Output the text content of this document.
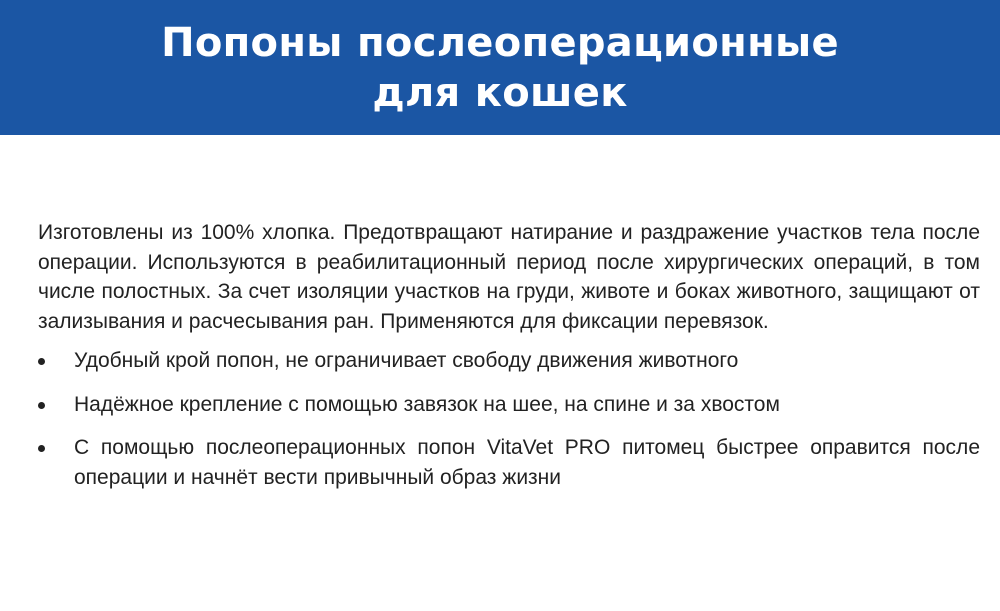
Попоны послеоперационные
для кошек

Изготовлены из 100% хлопка. Предотвращают натирание и раздражение участков тела после операции. Используются в реабилитационный период после хирургических операций, в том числе полостных. За счет изоляции участков на груди, животе и боках животного, защищают от зализывания и расчесывания ран. Применяются для фиксации перевязок.

Удобный крой попон, не ограничивает свободу движения животного
Надёжное крепление с помощью завязок на шее, на спине и за хвостом
С помощью послеоперационных попон VitaVet PRO питомец быстрее оправится после операции и начнёт вести привычный образ жизни
